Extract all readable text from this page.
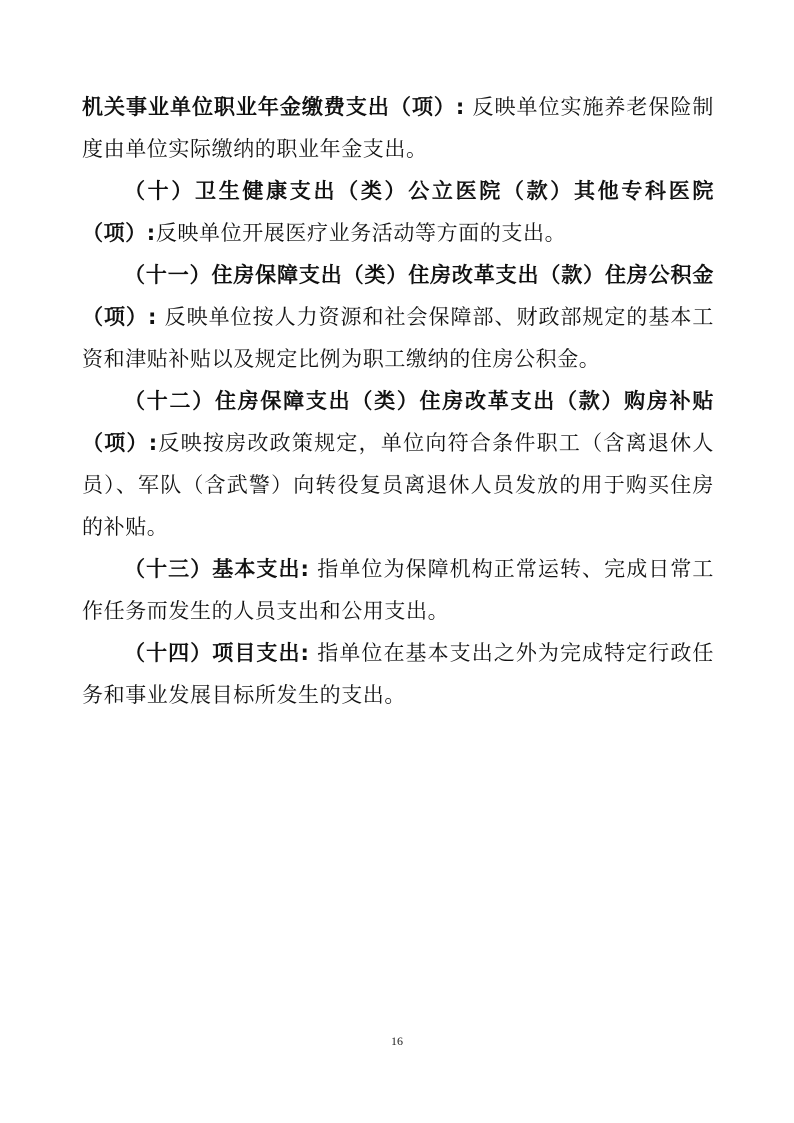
机关事业单位职业年金缴费支出（项）: 反映单位实施养老保险制度由单位实际缴纳的职业年金支出。

（十）卫生健康支出（类）公立医院（款）其他专科医院（项）:反映单位开展医疗业务活动等方面的支出。

（十一）住房保障支出（类）住房改革支出（款）住房公积金（项）: 反映单位按人力资源和社会保障部、财政部规定的基本工资和津贴补贴以及规定比例为职工缴纳的住房公积金。

（十二）住房保障支出（类）住房改革支出（款）购房补贴（项）:反映按房改政策规定，单位向符合条件职工（含离退休人员）、军队（含武警）向转役复员离退休人员发放的用于购买住房的补贴。

（十三）基本支出: 指单位为保障机构正常运转、完成日常工作任务而发生的人员支出和公用支出。

（十四）项目支出: 指单位在基本支出之外为完成特定行政任务和事业发展目标所发生的支出。

16
